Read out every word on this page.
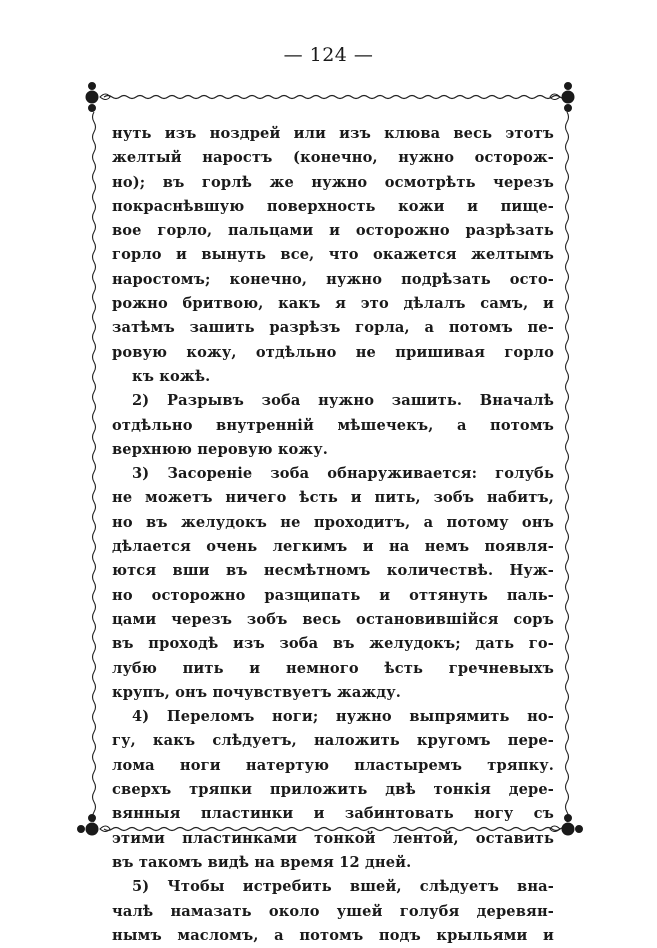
— 124 —
нуть изъ ноздрей или изъ клюва весь этотъ
желтый наростъ (конечно, нужно осторож-
но); въ горлѣ же нужно осмотрѣть черезъ
покраснѣвшую поверхность кожи и пище-
вое горло, пальцами и осторожно разрѣзать
горло и вынуть все, что окажется желтымъ
наростомъ; конечно, нужно подрѣзать осто-
рожно бритвою, какъ я это дѣлалъ самъ, и
затѣмъ зашить разрѣзъ горла, а потомъ пе-
ровую кожу, отдѣльно не пришивая горло
къ кожѣ.
2) Разрывъ зоба нужно зашить. Вначалѣ
отдѣльно внутренній мѣшечекъ, а потомъ
верхнюю перовую кожу.
3) Засореніе зоба обнаруживается: голубь
не можетъ ничего ѣсть и пить, зобъ набитъ,
но въ желудокъ не проходитъ, а потому онъ
дѣлается очень легкимъ и на немъ появля-
ются вши въ несмѣтномъ количествѣ. Нуж-
но осторожно разщипать и оттянуть паль-
цами черезъ зобъ весь остановившійся соръ
въ проходѣ изъ зоба въ желудокъ; дать го-
лубю пить и немного ѣсть гречневыхъ
крупъ, онъ почувствуетъ жажду.
4) Переломъ ноги; нужно выпрямить но-
гу, какъ слѣдуетъ, наложить кругомъ пере-
лома ноги натертую пластыремъ тряпку.
сверхъ тряпки приложить двѣ тонкія дере-
вянныя пластинки и забинтовать ногу съ
этими пластинками тонкой лентой, оставить
въ такомъ видѣ на время 12 дней.
5) Чтобы истребить вшей, слѣдуетъ вна-
чалѣ намазать около ушей голубя деревян-
нымъ масломъ, а потомъ подъ крыльями и
